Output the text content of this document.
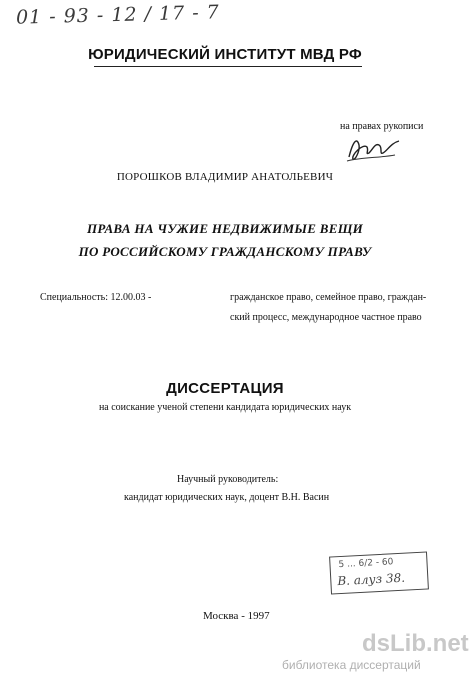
01 - 93 - 12 / 17 - 7
ЮРИДИЧЕСКИЙ ИНСТИТУТ МВД РФ
на правах рукописи
ПОРОШКОВ ВЛАДИМИР АНАТОЛЬЕВИЧ
ПРАВА НА ЧУЖИЕ НЕДВИЖИМЫЕ ВЕЩИ
ПО РОССИЙСКОМУ ГРАЖДАНСКОМУ ПРАВУ
Специальность: 12.00.03 -	гражданское право, семейное право, граждан-
ский процесс, международное частное право
ДИССЕРТАЦИЯ
на соискание ученой степени кандидата юридических наук
Научный руководитель:
кандидат юридических наук, доцент В.Н. Васин
5 ... 6/2 - 60
В. алуз 38.
Москва - 1997
dsLib.net
библиотека диссертаций
